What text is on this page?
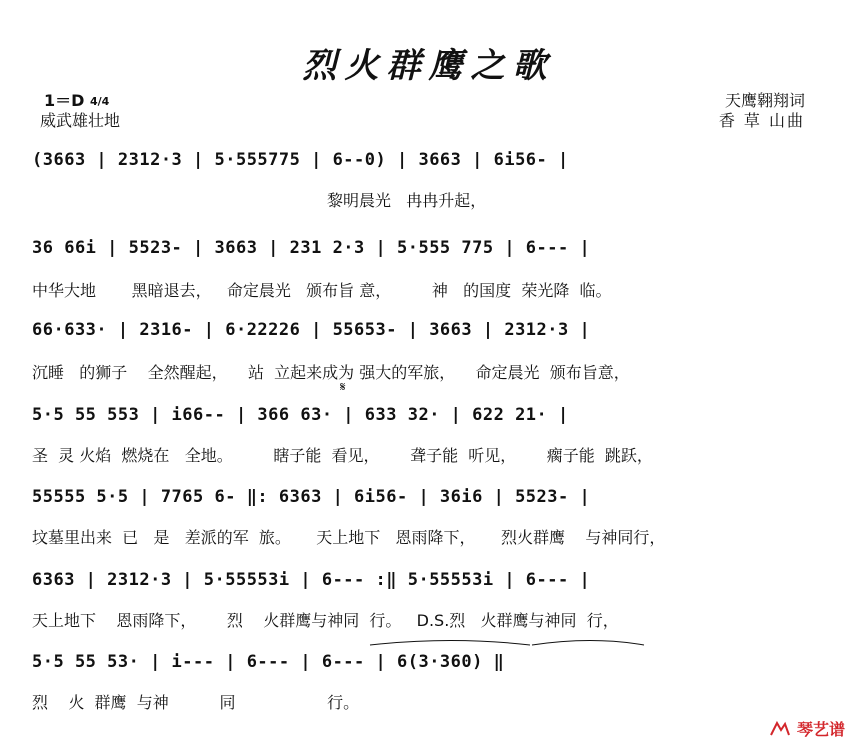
烈火群鹰之歌
1＝D 4/4
威武雄壮地
天鹰翱翔词
香 草 山曲
(3663 | 2312·3 | 5·555775 | 6--0) | 3663 | 6i56- |
黎明晨光   冉冉升起，
36 66i | 5523- | 3663 | 231 2·3 | 5·555 775 | 6--- |
中华大地       黑暗退去，   命定晨光   颁布旨 意，        神   的国度  荣光降  临。
66·633· | 2316- | 6·22226 | 55653- | 3663 | 2312·3 |
沉睡   的狮子    全然醒起，    站  立起来成为 强大的军旅，    命定晨光  颁布旨意，
𝄋
5·5 55 553 | i66-- | 366 63· | 633 32· | 622 21· |
圣  灵 火焰  燃烧在   全地。        瞎子能  看见，      聋子能  听见，      瘸子能  跳跃，
55555 5·5 | 7765 6- ‖: 6363 | 6i56- | 36i6 | 5523- |
坟墓里出来  已   是   差派的军  旅。     天上地下   恩雨降下，     烈火群鹰    与神同行，
6363 | 2312·3 | 5·55553i | 6--- :‖ 5·55553i | 6--- |
天上地下    恩雨降下，      烈    火群鹰与神同  行。   D.S.烈   火群鹰与神同  行，
5·5 55 53· | i--- | 6--- | 6--- | 6(3·360) ‖
烈    火  群鹰  与神          同                  行。
琴艺谱
